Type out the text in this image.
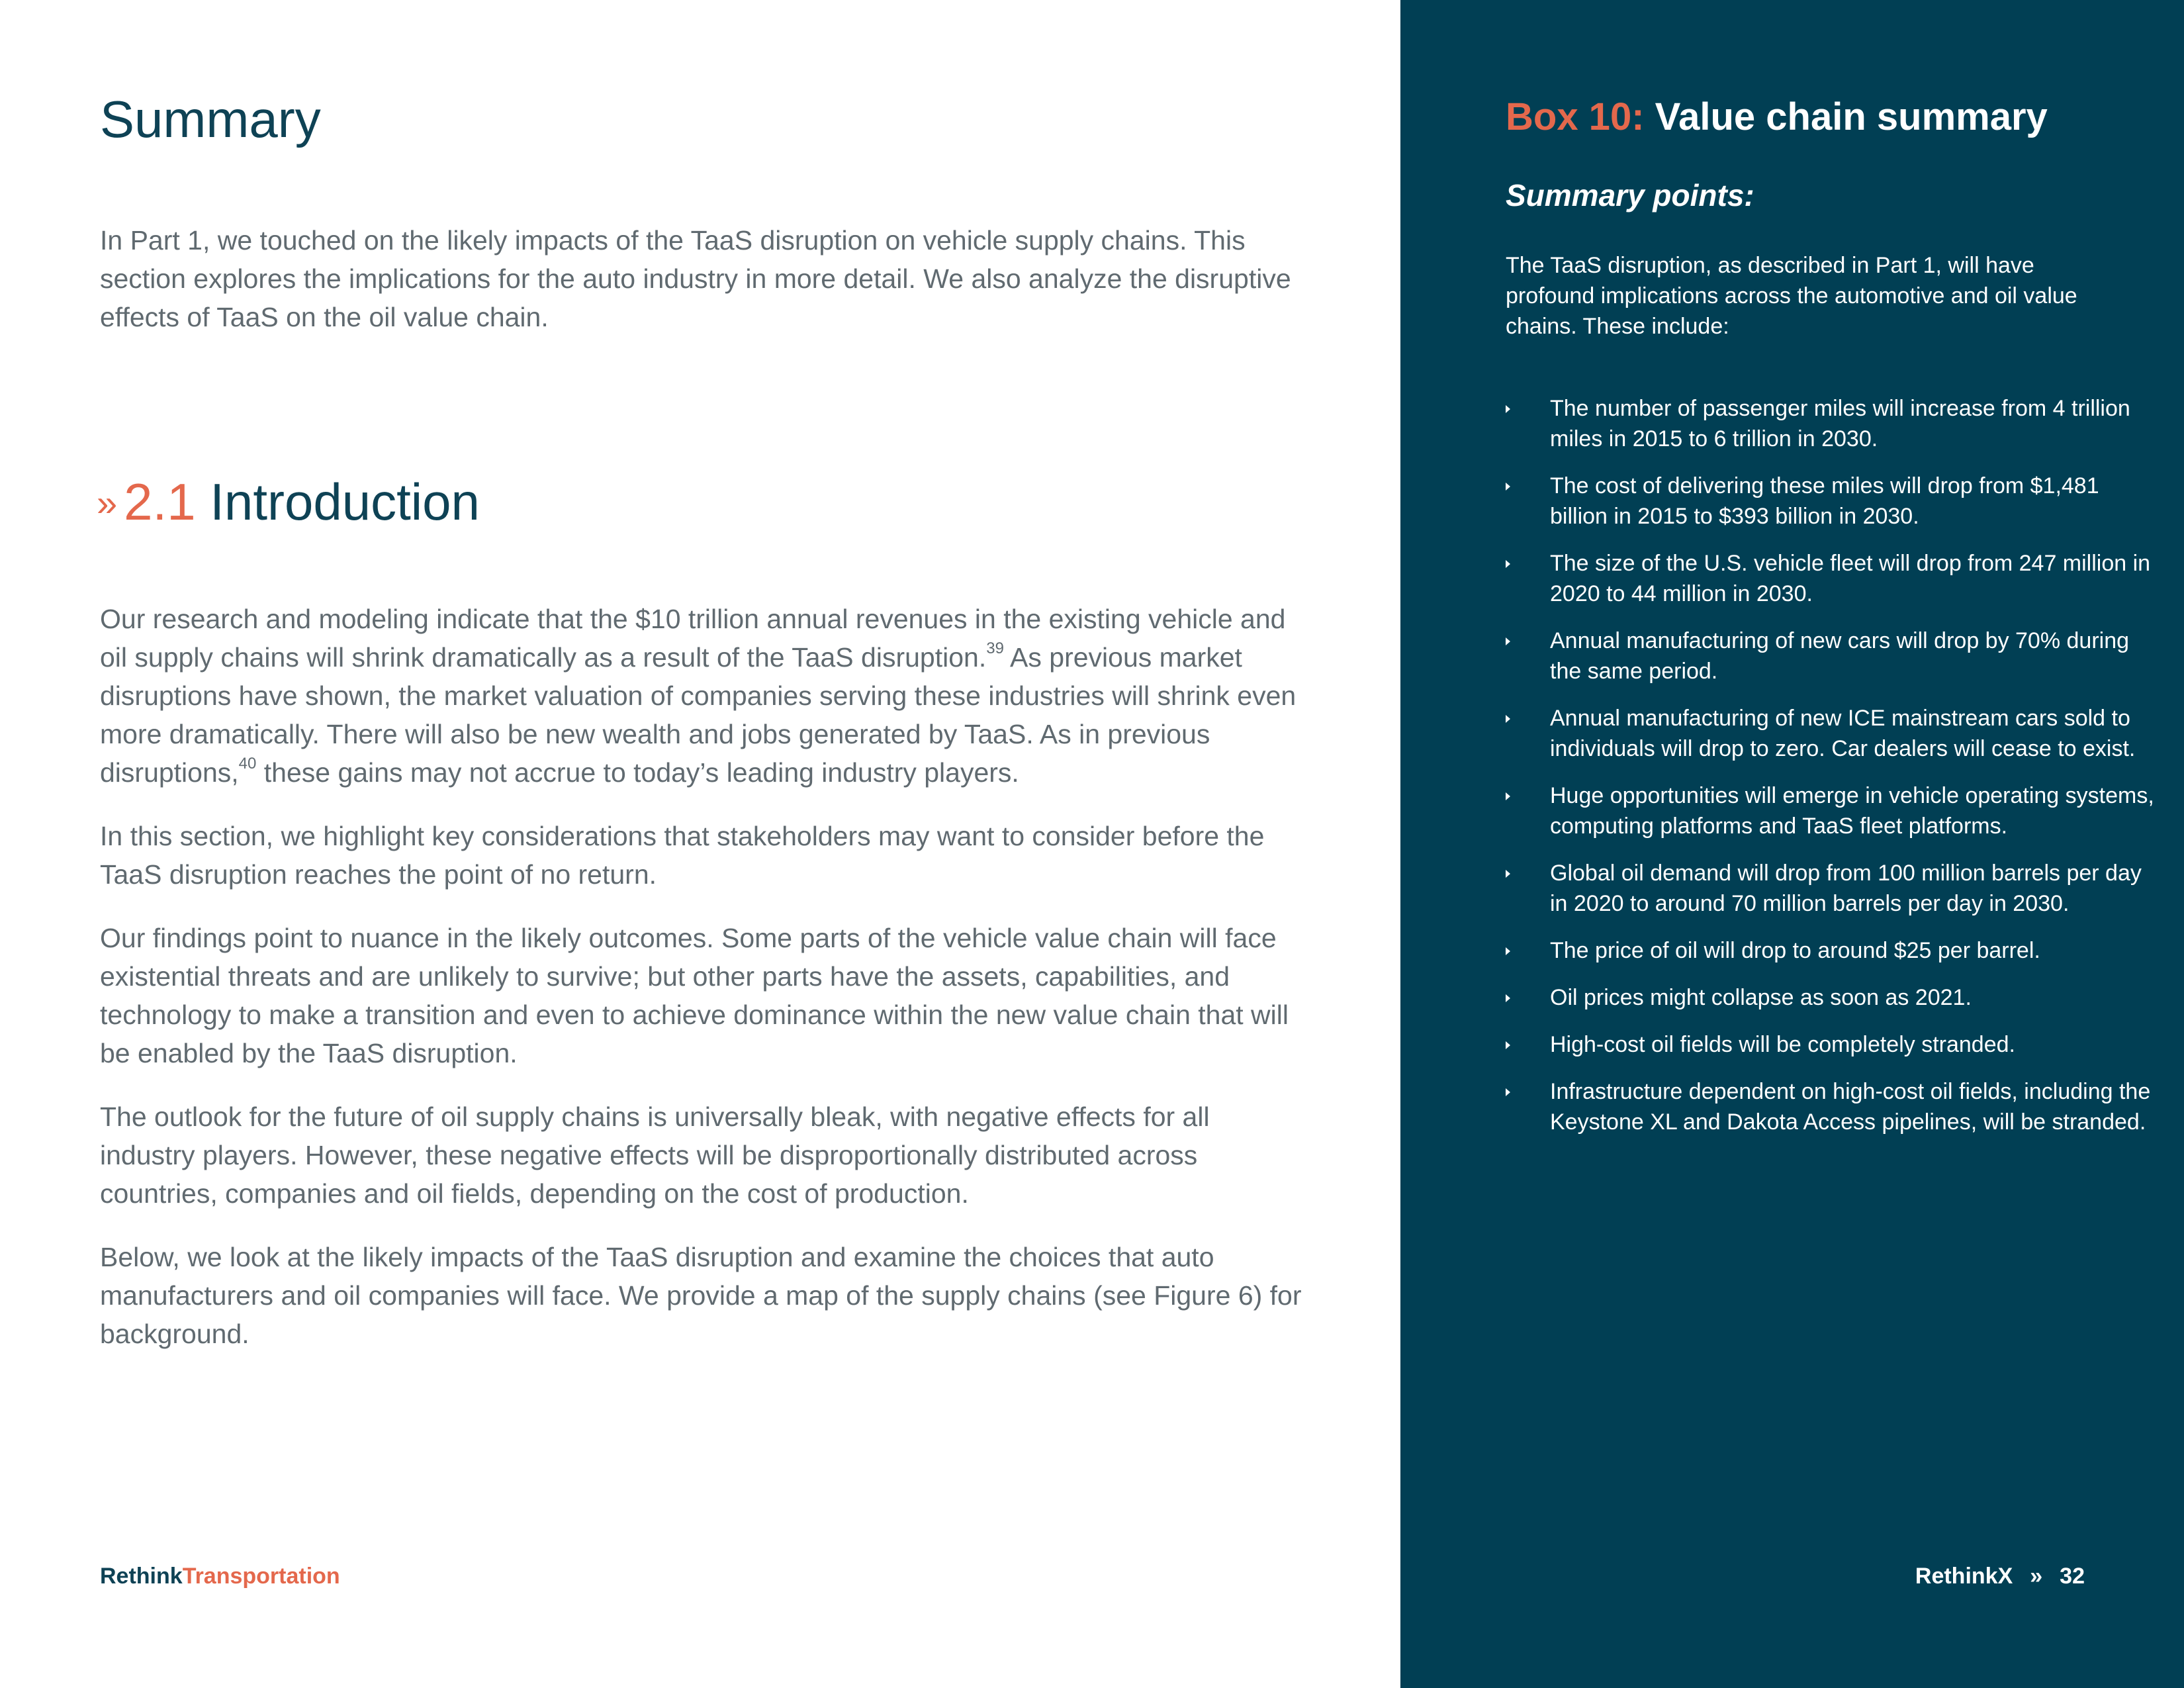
Summary

In Part 1, we touched on the likely impacts of the TaaS disruption on vehicle supply chains. This section explores the implications for the auto industry in more detail. We also analyze the disruptive effects of TaaS on the oil value chain.

» 2.1 Introduction

Our research and modeling indicate that the $10 trillion annual revenues in the existing vehicle and oil supply chains will shrink dramatically as a result of the TaaS disruption.$^{39}$ As previous market disruptions have shown, the market valuation of companies serving these industries will shrink even more dramatically. There will also be new wealth and jobs generated by TaaS. As in previous disruptions,$^{40}$ these gains may not accrue to today’s leading industry players.

In this section, we highlight key considerations that stakeholders may want to consider before the TaaS disruption reaches the point of no return.

Our findings point to nuance in the likely outcomes. Some parts of the vehicle value chain will face existential threats and are unlikely to survive; but other parts have the assets, capabilities, and technology to make a transition and even to achieve dominance within the new value chain that will be enabled by the TaaS disruption.

The outlook for the future of oil supply chains is universally bleak, with negative effects for all industry players. However, these negative effects will be disproportionally distributed across countries, companies and oil fields, depending on the cost of production.

Below, we look at the likely impacts of the TaaS disruption and examine the choices that auto manufacturers and oil companies will face. We provide a map of the supply chains (see Figure 6) for background.

RethinkTransportation
Box 10: Value chain summary
Summary points:

The TaaS disruption, as described in Part 1, will have profound implications across the automotive and oil value chains. These include:

The number of passenger miles will increase from 4 trillion miles in 2015 to 6 trillion in 2030.
The cost of delivering these miles will drop from $1,481 billion in 2015 to $393 billion in 2030.
The size of the U.S. vehicle fleet will drop from 247 million in 2020 to 44 million in 2030.
Annual manufacturing of new cars will drop by 70% during the same period.
Annual manufacturing of new ICE mainstream cars sold to individuals will drop to zero. Car dealers will cease to exist.
Huge opportunities will emerge in vehicle operating systems, computing platforms and TaaS fleet platforms.
Global oil demand will drop from 100 million barrels per day in 2020 to around 70 million barrels per day in 2030.
The price of oil will drop to around $25 per barrel.
Oil prices might collapse as soon as 2021.
High-cost oil fields will be completely stranded.
Infrastructure dependent on high-cost oil fields, including the Keystone XL and Dakota Access pipelines, will be stranded.
RethinkX » 32
